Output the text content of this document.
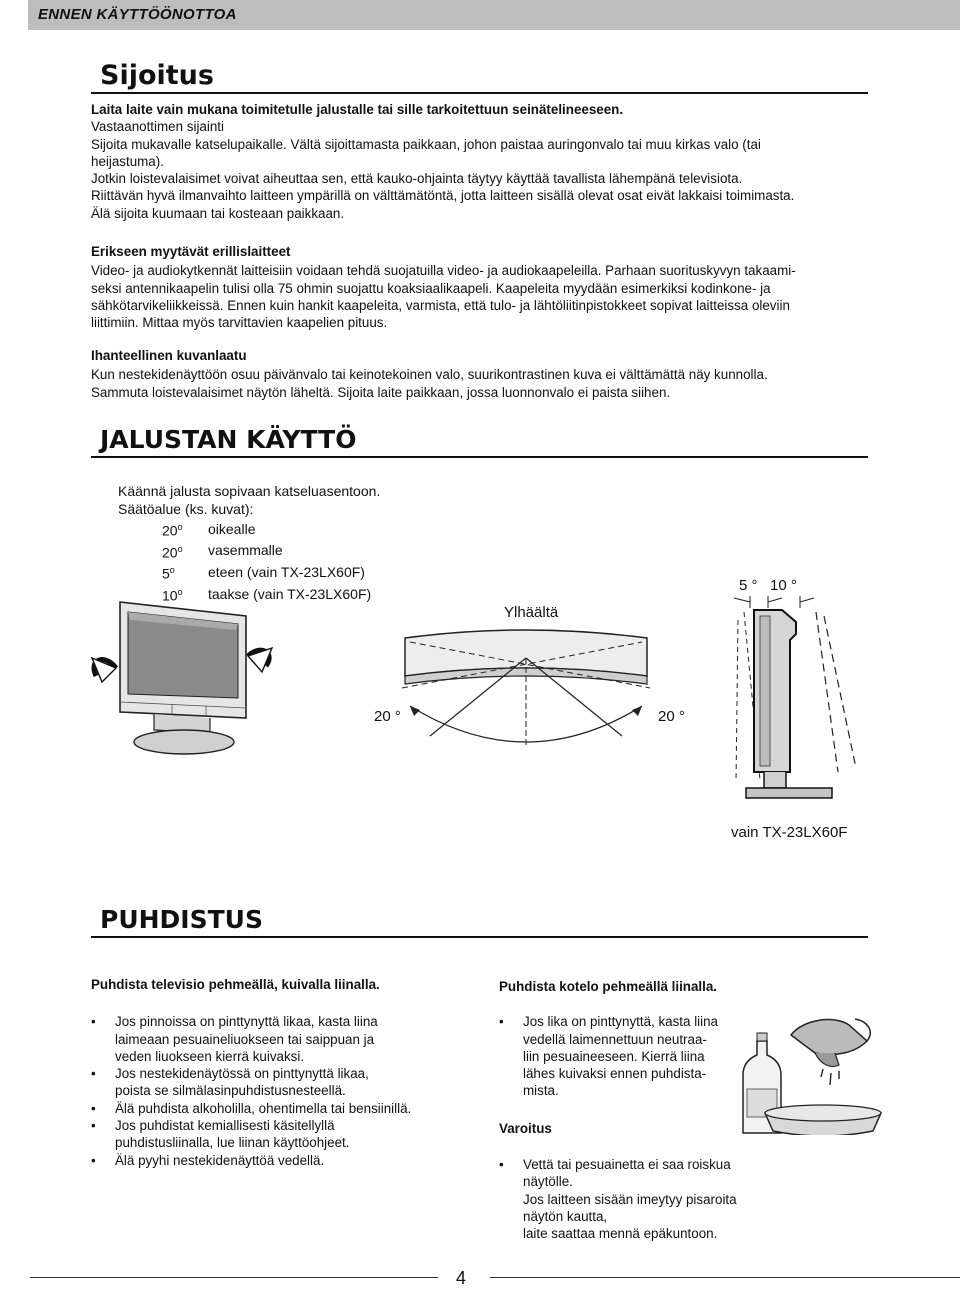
ENNEN KÄYTTÖÖNOTTOA
Sijoitus

Laita laite vain mukana toimitetulle jalustalle tai sille tarkoitettuun seinätelineeseen.

Vastaanottimen sijainti

Sijoita mukavalle katselupaikalle. Vältä sijoittamasta paikkaan, johon paistaa auringonvalo tai muu kirkas valo (tai

heijastuma).

Jotkin loistevalaisimet voivat aiheuttaa sen, että kauko-ohjainta täytyy käyttää tavallista lähempänä televisiota.

Riittävän hyvä ilmanvaihto laitteen ympärillä on välttämätöntä, jotta laitteen sisällä olevat osat eivät lakkaisi toimimasta.

Älä sijoita kuumaan tai kosteaan paikkaan.

Erikseen myytävät erillislaitteet

Video- ja audiokytkennät laitteisiin voidaan tehdä suojatuilla video- ja audiokaapeleilla. Parhaan suorituskyvyn takaami-

seksi antennikaapelin tulisi olla 75 ohmin suojattu koaksiaalikaapeli. Kaapeleita myydään esimerkiksi kodinkone- ja

sähkötarvikeliikkeissä. Ennen kuin hankit kaapeleita, varmista, että tulo- ja lähtöliitinpistokkeet sopivat laitteissa oleviin

liittimiin. Mittaa myös tarvittavien kaapelien pituus.

Ihanteellinen kuvanlaatu

Kun nestekidenäyttöön osuu päivänvalo tai keinotekoinen valo, suurikontrastinen kuva ei välttämättä näy kunnolla.

Sammuta loistevalaisimet näytön läheltä. Sijoita laite paikkaan, jossa luonnonvalo ei paista siihen.

JALUSTAN KÄYTTÖ
Käännä jalusta sopivaan katseluasentoon.
Säätöalue (ks. kuvat):
20$^o$	oikealle
20$^o$	vasemmalle
5$^o$	eteen (vain TX-23LX60F)
10$^o$	taakse (vain TX-23LX60F)
Ylhäältä
20 °	20 °
5 ° 10 °
vain TX-23LX60F
PUHDISTUS
Puhdista televisio pehmeällä, kuivalla liinalla.
• Jos pinnoissa on pinttynyttä likaa, kasta liina
laimeaan pesuaineliuokseen tai saippuan ja
veden liuokseen kierrä kuivaksi.
• Jos nestekidenäytössä on pinttynyttä likaa,
poista se silmälasinpuhdistusnesteellä.
• Älä puhdista alkoholilla, ohentimella tai bensiinillä.
• Jos puhdistat kemiallisesti käsitellyllä
puhdistusliinalla, lue liinan käyttöohjeet.
• Älä pyyhi nestekidenäyttöä vedellä.
Puhdista kotelo pehmeällä liinalla.
• Jos lika on pinttynyttä, kasta liina
vedellä laimennettuun neutraa-
liin pesuaineeseen. Kierrä liina
lähes kuivaksi ennen puhdista-
mista.
Varoitus
• Vettä tai pesuainetta ei saa roiskua näytölle.
Jos laitteen sisään imeytyy pisaroita näytön kautta,
laite saattaa mennä epäkuntoon.
4
